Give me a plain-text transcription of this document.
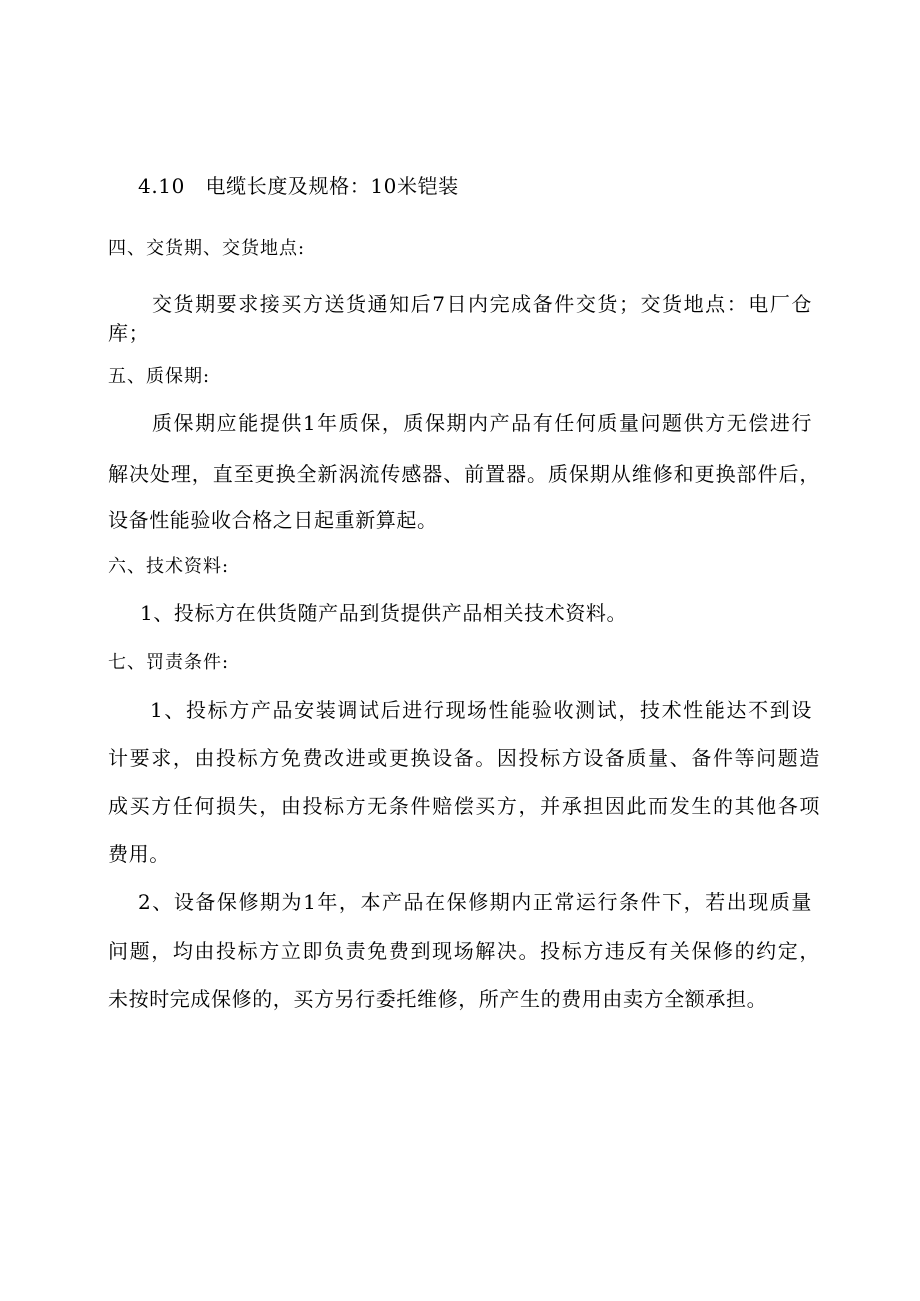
4.10　电缆长度及规格：10米铠装
四、交货期、交货地点:
交货期要求接买方送货通知后7日内完成备件交货；交货地点：电厂仓
库；
五、质保期:
质保期应能提供1年质保，质保期内产品有任何质量问题供方无偿进行
解决处理，直至更换全新涡流传感器、前置器。质保期从维修和更换部件后，
设备性能验收合格之日起重新算起。
六、技术资料:
1、投标方在供货随产品到货提供产品相关技术资料。
七、罚责条件:
1、投标方产品安装调试后进行现场性能验收测试，技术性能达不到设
计要求，由投标方免费改进或更换设备。因投标方设备质量、备件等问题造
成买方任何损失，由投标方无条件赔偿买方，并承担因此而发生的其他各项
费用。
2、设备保修期为1年，本产品在保修期内正常运行条件下，若出现质量
问题，均由投标方立即负责免费到现场解决。投标方违反有关保修的约定，
未按时完成保修的，买方另行委托维修，所产生的费用由卖方全额承担。
